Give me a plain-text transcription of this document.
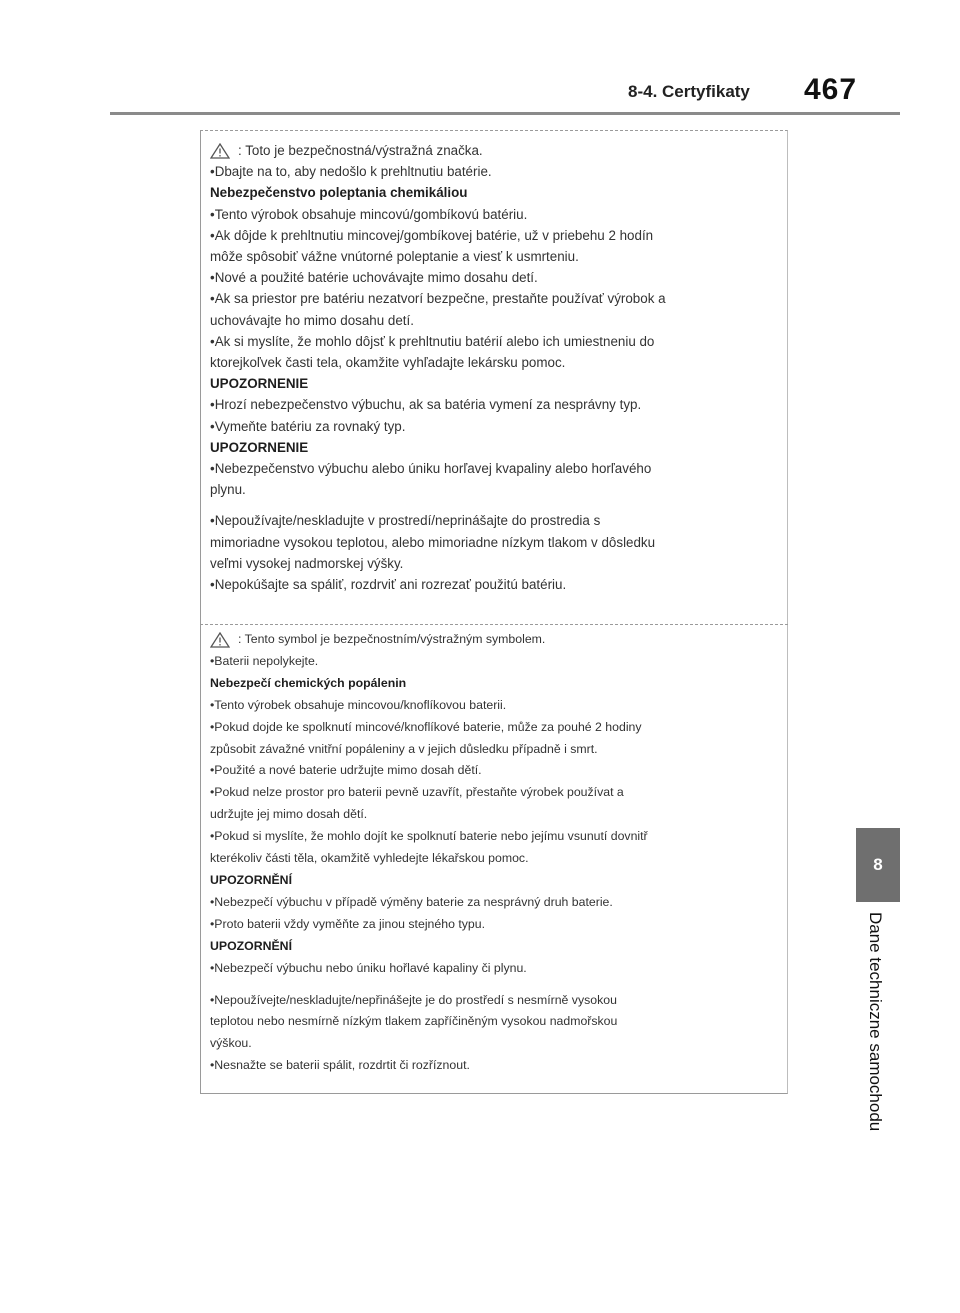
8-4. Certyfikaty 467
8
Dane techniczne samochodu
: Toto je bezpečnostná/výstražná značka.
•Dbajte na to, aby nedošlo k prehltnutiu batérie.
Nebezpečenstvo poleptania chemikáliou
•Tento výrobok obsahuje mincovú/gombíkovú batériu.
•Ak dôjde k prehltnutiu mincovej/gombíkovej batérie, už v priebehu 2 hodín
môže spôsobiť vážne vnútorné poleptanie a viesť k usmrteniu.
•Nové a použité batérie uchovávajte mimo dosahu detí.
•Ak sa priestor pre batériu nezatvorí bezpečne, prestaňte používať výrobok a
uchovávajte ho mimo dosahu detí.
•Ak si myslíte, že mohlo dôjsť k prehltnutiu batérií alebo ich umiestneniu do
ktorejkoľvek časti tela, okamžite vyhľadajte lekársku pomoc.
UPOZORNENIE
•Hrozí nebezpečenstvo výbuchu, ak sa batéria vymení za nesprávny typ.
•Vymeňte batériu za rovnaký typ.
UPOZORNENIE
•Nebezpečenstvo výbuchu alebo úniku horľavej kvapaliny alebo horľavého
plynu.
•Nepoužívajte/neskladujte v prostredí/neprinášajte do prostredia s
mimoriadne vysokou teplotou, alebo mimoriadne nízkym tlakom v dôsledku
veľmi vysokej nadmorskej výšky.
•Nepokúšajte sa spáliť, rozdrviť ani rozrezať použitú batériu.
: Tento symbol je bezpečnostním/výstražným symbolem.
•Baterii nepolykejte.
Nebezpečí chemických popálenin
•Tento výrobek obsahuje mincovou/knoflíkovou baterii.
•Pokud dojde ke spolknutí mincové/knoflíkové baterie, může za pouhé 2 hodiny
způsobit závažné vnitřní popáleniny a v jejich důsledku případně i smrt.
•Použité a nové baterie udržujte mimo dosah dětí.
•Pokud nelze prostor pro baterii pevně uzavřít, přestaňte výrobek používat a
udržujte jej mimo dosah dětí.
•Pokud si myslíte, že mohlo dojít ke spolknutí baterie nebo jejímu vsunutí dovnitř
kterékoliv části těla, okamžitě vyhledejte lékařskou pomoc.
UPOZORNĚNÍ
•Nebezpečí výbuchu v případě výměny baterie za nesprávný druh baterie.
•Proto baterii vždy vyměňte za jinou stejného typu.
UPOZORNĚNÍ
•Nebezpečí výbuchu nebo úniku hořlavé kapaliny či plynu.
•Nepoužívejte/neskladujte/nepřinášejte je do prostředí s nesmírně vysokou
teplotou nebo nesmírně nízkým tlakem zapříčiněným vysokou nadmořskou
výškou.
•Nesnažte se baterii spálit, rozdrtit či rozříznout.
